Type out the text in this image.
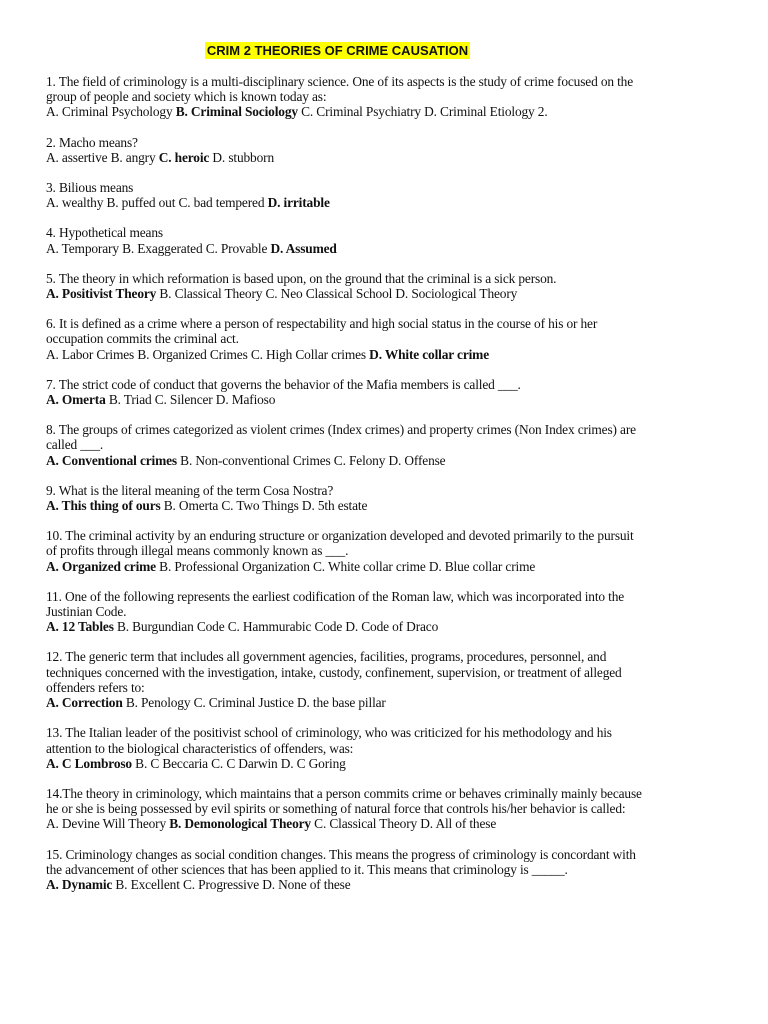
CRIM 2 THEORIES OF CRIME CAUSATION
1. The field of criminology is a multi-disciplinary science. One of its aspects is the study of crime focused on the group of people and society which is known today as:
A. Criminal Psychology B. Criminal Sociology C. Criminal Psychiatry D. Criminal Etiology 2.
2. Macho means?
A. assertive B. angry C. heroic D. stubborn
3. Bilious means
A. wealthy B. puffed out C. bad tempered D. irritable
4. Hypothetical means
A. Temporary B. Exaggerated C. Provable D. Assumed
5. The theory in which reformation is based upon, on the ground that the criminal is a sick person.
A. Positivist Theory B. Classical Theory C. Neo Classical School D. Sociological Theory
6. It is defined as a crime where a person of respectability and high social status in the course of his or her occupation commits the criminal act.
A. Labor Crimes B. Organized Crimes C. High Collar crimes D. White collar crime
7. The strict code of conduct that governs the behavior of the Mafia members is called ___.
A. Omerta B. Triad C. Silencer D. Mafioso
8. The groups of crimes categorized as violent crimes (Index crimes) and property crimes (Non Index crimes) are called ___.
A. Conventional crimes B. Non-conventional Crimes C. Felony D. Offense
9. What is the literal meaning of the term Cosa Nostra?
A. This thing of ours B. Omerta C. Two Things D. 5th estate
10. The criminal activity by an enduring structure or organization developed and devoted primarily to the pursuit of profits through illegal means commonly known as ___.
A. Organized crime B. Professional Organization C. White collar crime D. Blue collar crime
11. One of the following represents the earliest codification of the Roman law, which was incorporated into the Justinian Code.
A. 12 Tables B. Burgundian Code C. Hammurabic Code D. Code of Draco
12. The generic term that includes all government agencies, facilities, programs, procedures, personnel, and techniques concerned with the investigation, intake, custody, confinement, supervision, or treatment of alleged offenders refers to:
A. Correction B. Penology C. Criminal Justice D. the base pillar
13. The Italian leader of the positivist school of criminology, who was criticized for his methodology and his attention to the biological characteristics of offenders, was:
A. C Lombroso B. C Beccaria C. C Darwin D. C Goring
14.The theory in criminology, which maintains that a person commits crime or behaves criminally mainly because he or she is being possessed by evil spirits or something of natural force that controls his/her behavior is called:
A. Devine Will Theory B. Demonological Theory C. Classical Theory D. All of these
15. Criminology changes as social condition changes. This means the progress of criminology is concordant with the advancement of other sciences that has been applied to it. This means that criminology is _____.
A. Dynamic B. Excellent C. Progressive D. None of these
